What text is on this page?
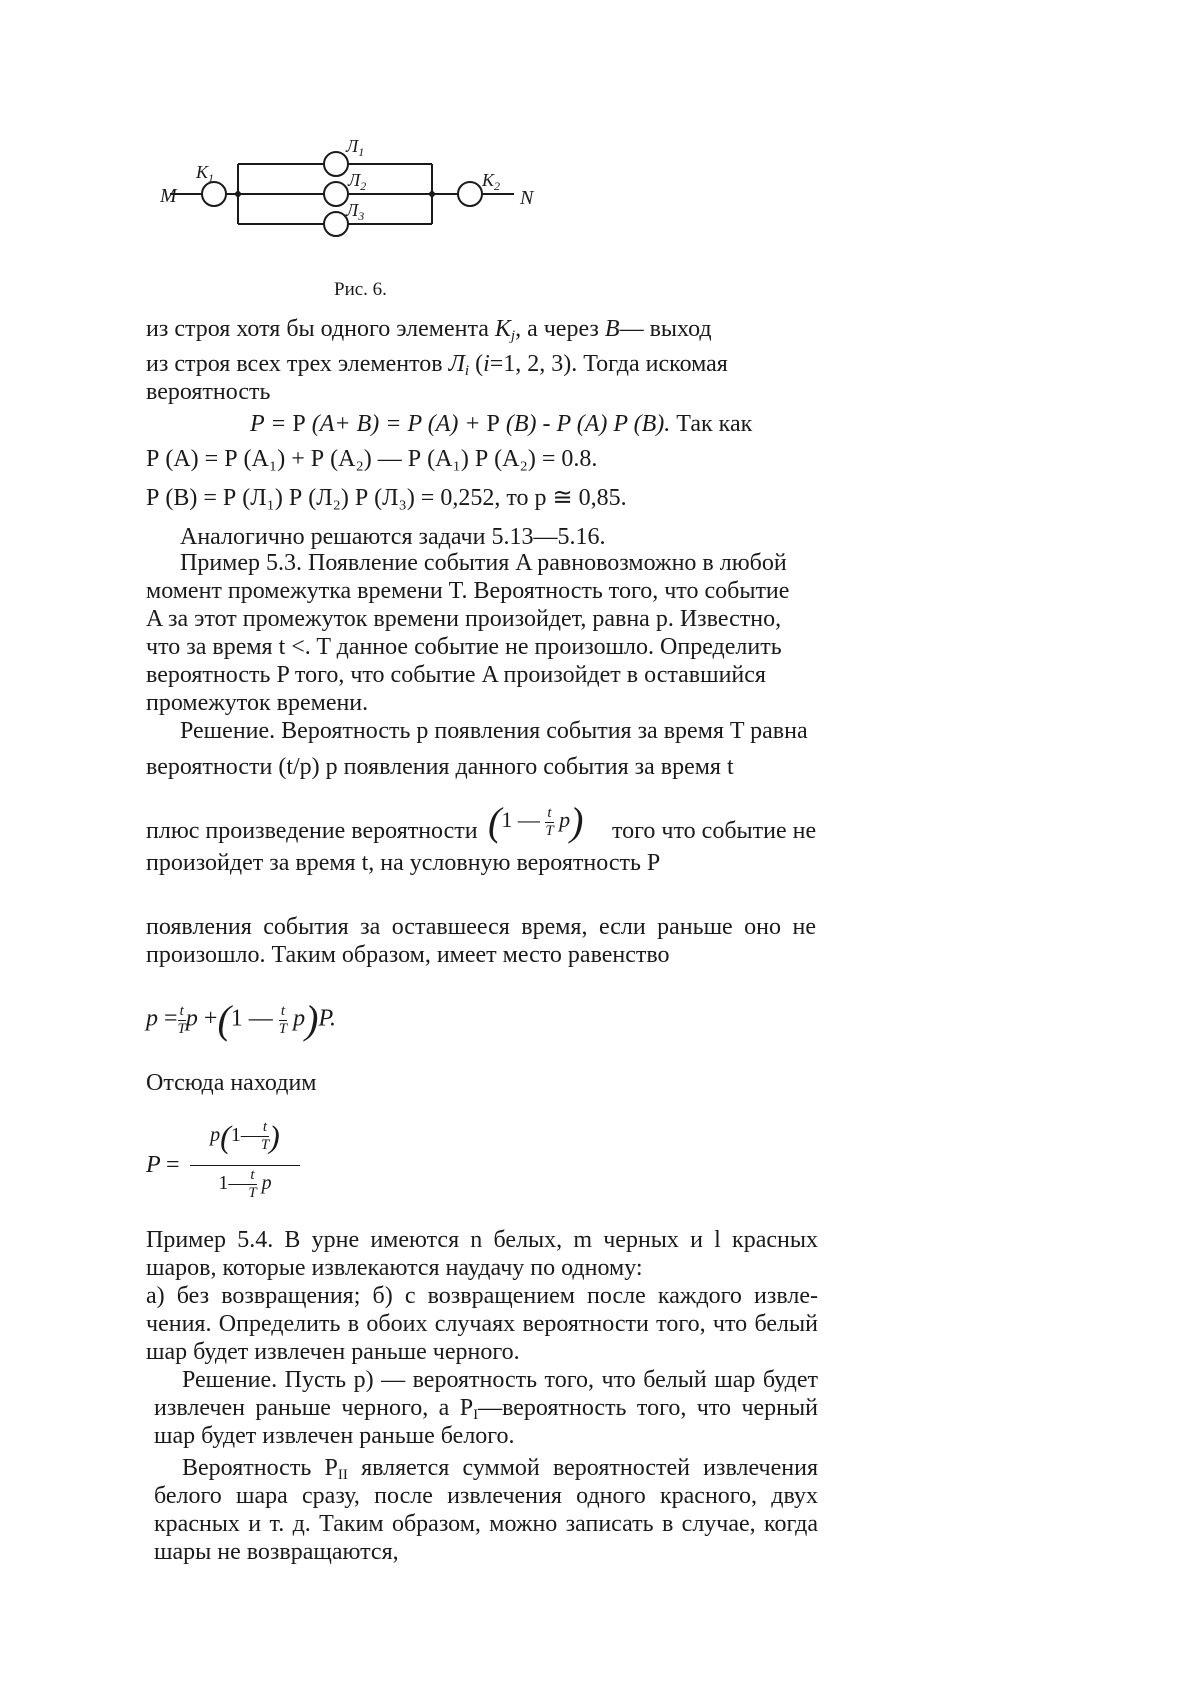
М
$К_1$
$Л_1$
$Л_2$
$Л_3$
$К_2$
N
Рис. 6.
из строя хотя бы одного элемента $K_j$, а через B— выход
из строя всех трех элементов $Л_i$ (i=1, 2, 3). Тогда искомая
вероятность
P = Р (A+ B) = P (A) + Р (B) - P (A) P (B). Так как
Р (A) = Р (A₁) + Р (A₂) — Р (A₁) Р (A₂) = 0.8.
Р (B) = Р (Л₁) Р (Л₂) Р (Л₃) = 0,252, то р ≅ 0,85.
Аналогично решаются задачи 5.13—5.16.
Пример 5.3. Появление события A равновозможно в любой
момент промежутка времени T. Вероятность того, что событие
A за этот промежуток времени произойдет, равна p. Известно,
что за время t <. T данное событие не произошло. Определить
вероятность P того, что событие A произойдет в оставшийся
промежуток времени.
Решение. Вероятность p появления события за время T равна
вероятности (t/p) p появления данного события за время t
плюс произведение вероятности (1 — $\frac{t}{T} p$) того что событие не
произойдет за время t, на условную вероятность P
появления события за оставшееся время, если раньше оно не
произошло. Таким образом, имеет место равенство
$p = \frac{t}{T}$ p +(1 — $\frac{t}{T} p)P$.
Отсюда находим
P =
p(1— $\frac{t}{T}$ )
1— $\frac{t}{T}$ p
Пример 5.4. В урне имеются n белых, m черных и l красных
шаров, которые извлекаются наудачу по одному:
а) без возвращения; б) с возвращением после каждого извле-
чения. Определить в обоих случаях вероятности того, что белый
шар будет извлечен раньше черного.
Решение. Пусть р) — вероятность того, что белый шар будет
извлечен раньше черного, а $Р_I—вероятность$ того, что черный
шар будет извлечен раньше белого.
Вероятность $Р_{II}$ является суммой вероятностей извлечения
белого шара сразу, после извлечения одного красного, двух
красных и т. д. Таким образом, можно записать в случае, когда
шары не возвращаются,
